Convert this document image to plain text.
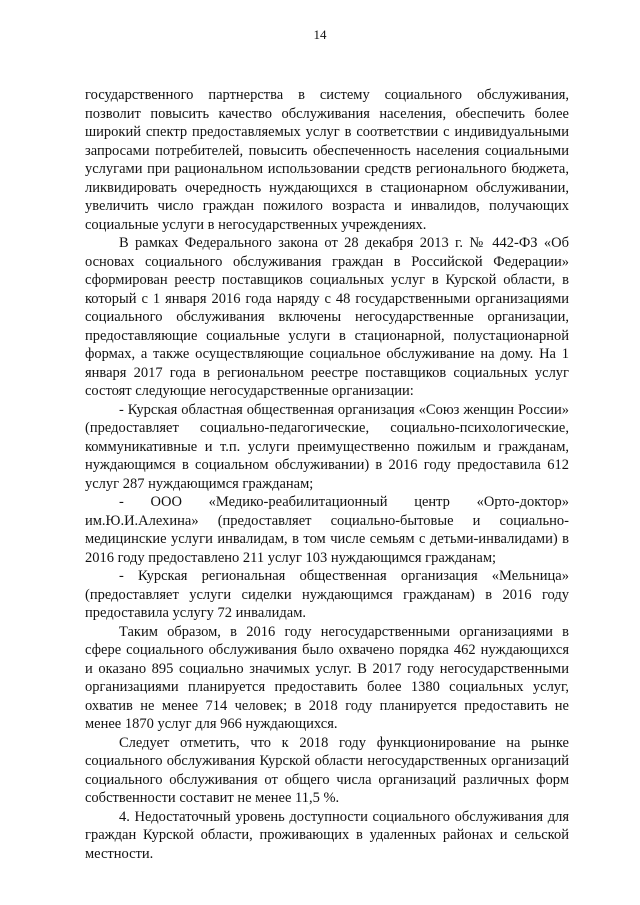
14

государственного партнерства в систему социального обслуживания, позволит повысить качество обслуживания населения, обеспечить более широкий спектр предоставляемых услуг в соответствии с индивидуальными запросами потребителей, повысить обеспеченность населения социальными услугами при рациональном использовании средств регионального бюджета, ликвидировать очередность нуждающихся в стационарном обслуживании, увеличить число граждан пожилого возраста и инвалидов, получающих социальные услуги в негосударственных учреждениях.

В рамках Федерального закона от 28 декабря 2013 г. № 442-ФЗ «Об основах социального обслуживания граждан в Российской Федерации» сформирован реестр поставщиков социальных услуг в Курской области, в который с 1 января 2016 года наряду с 48 государственными организациями социального обслуживания включены негосударственные организации, предоставляющие социальные услуги в стационарной, полустационарной формах, а также осуществляющие социальное обслуживание на дому. На 1 января 2017 года в региональном реестре поставщиков социальных услуг состоят следующие негосударственные организации:

- Курская областная общественная организация «Союз женщин России» (предоставляет социально-педагогические, социально-психологические, коммуникативные и т.п. услуги преимущественно пожилым и гражданам, нуждающимся в социальном обслуживании) в 2016 году предоставила 612 услуг 287 нуждающимся гражданам;

- ООО «Медико-реабилитационный центр «Орто-доктор» им.Ю.И.Алехина» (предоставляет социально-бытовые и социально-медицинские услуги инвалидам, в том числе семьям с детьми-инвалидами) в 2016 году предоставлено 211 услуг 103 нуждающимся гражданам;

- Курская региональная общественная организация «Мельница» (предоставляет услуги сиделки нуждающимся гражданам) в 2016 году предоставила услугу 72 инвалидам.

Таким образом, в 2016 году негосударственными организациями в сфере социального обслуживания было охвачено порядка 462 нуждающихся и оказано 895 социально значимых услуг. В 2017 году негосударственными организациями планируется предоставить более 1380 социальных услуг, охватив не менее 714 человек; в 2018 году планируется предоставить не менее 1870 услуг для 966 нуждающихся.

Следует отметить, что к 2018 году функционирование на рынке социального обслуживания Курской области негосударственных организаций социального обслуживания от общего числа организаций различных форм собственности составит не менее 11,5 %.

4. Недостаточный уровень доступности социального обслуживания для граждан Курской области, проживающих в удаленных районах и сельской местности.
